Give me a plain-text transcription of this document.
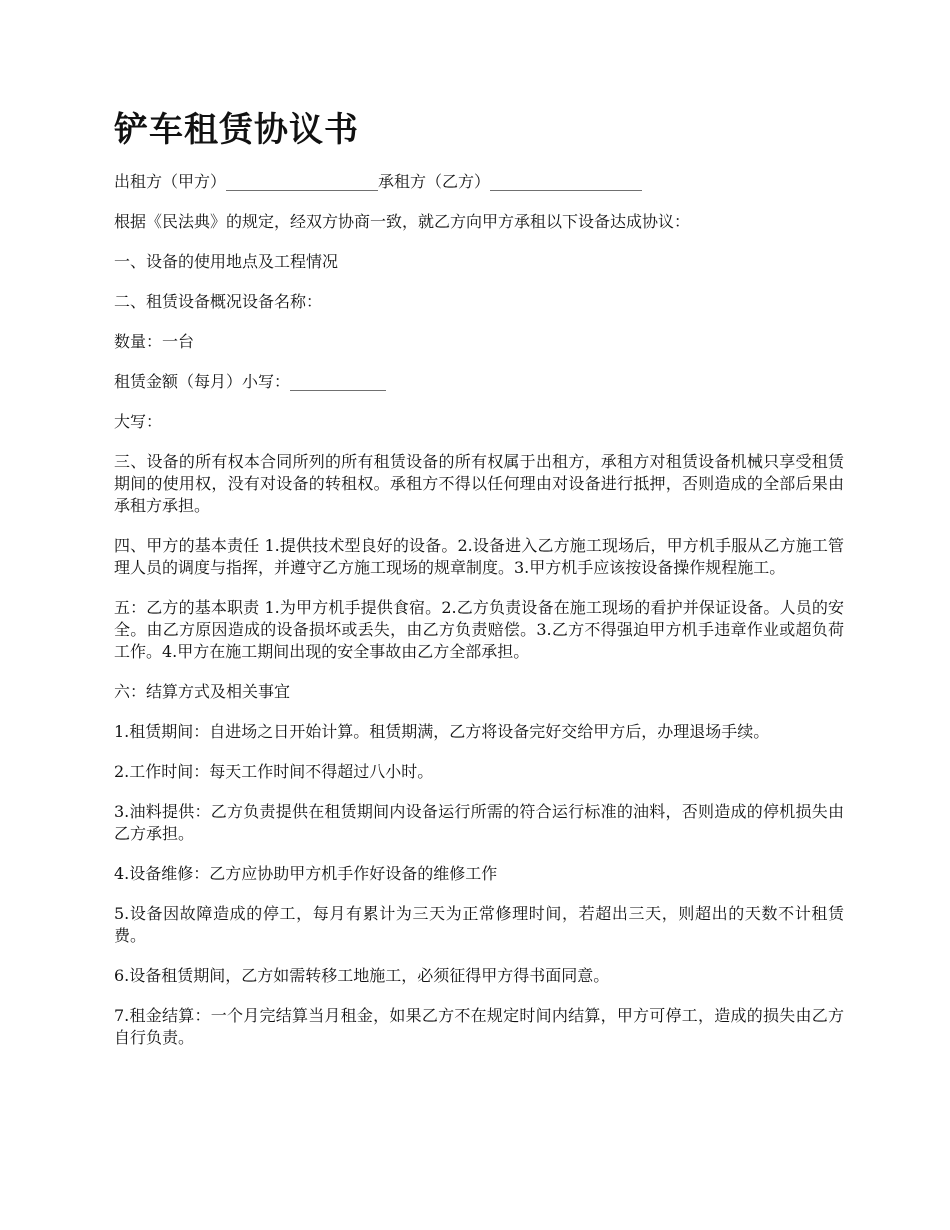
铲车租赁协议书

出租方（甲方）___________________承租方（乙方）___________________

根据《民法典》的规定，经双方协商一致，就乙方向甲方承租以下设备达成协议：

一、设备的使用地点及工程情况

二、租赁设备概况设备名称：

数量：一台

租赁金额（每月）小写：____________

大写：

三、设备的所有权本合同所列的所有租赁设备的所有权属于出租方，承租方对租赁设备机械只享受租赁期间的使用权，没有对设备的转租权。承租方不得以任何理由对设备进行抵押，否则造成的全部后果由承租方承担。

四、甲方的基本责任 1.提供技术型良好的设备。2.设备进入乙方施工现场后，甲方机手服从乙方施工管理人员的调度与指挥，并遵守乙方施工现场的规章制度。3.甲方机手应该按设备操作规程施工。

五：乙方的基本职责 1.为甲方机手提供食宿。2.乙方负责设备在施工现场的看护并保证设备。人员的安全。由乙方原因造成的设备损坏或丢失，由乙方负责赔偿。3.乙方不得强迫甲方机手违章作业或超负荷工作。4.甲方在施工期间出现的安全事故由乙方全部承担。

六：结算方式及相关事宜

1.租赁期间：自进场之日开始计算。租赁期满，乙方将设备完好交给甲方后，办理退场手续。

2.工作时间：每天工作时间不得超过八小时。

3.油料提供：乙方负责提供在租赁期间内设备运行所需的符合运行标准的油料，否则造成的停机损失由乙方承担。

4.设备维修：乙方应协助甲方机手作好设备的维修工作

5.设备因故障造成的停工，每月有累计为三天为正常修理时间，若超出三天，则超出的天数不计租赁费。

6.设备租赁期间，乙方如需转移工地施工，必须征得甲方得书面同意。

7.租金结算：一个月完结算当月租金，如果乙方不在规定时间内结算，甲方可停工，造成的损失由乙方自行负责。
